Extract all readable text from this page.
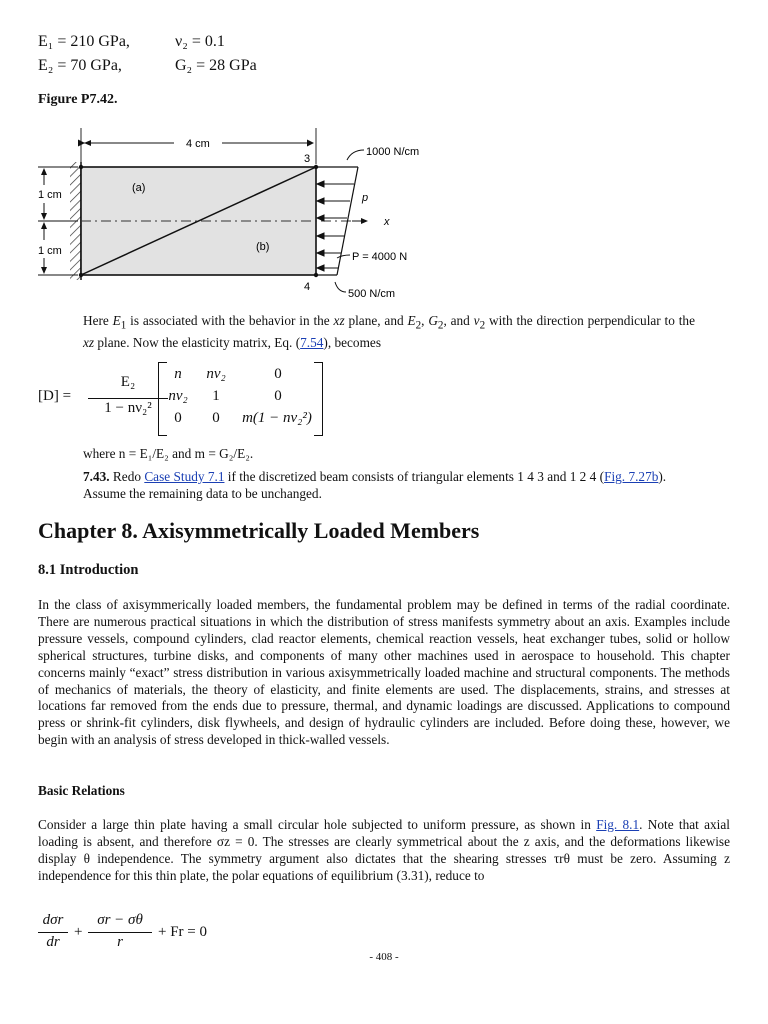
E₁ = 210 GPa,	ν₂ = 0.1
E₂ = 70 GPa,	G₂ = 28 GPa
Figure P7.42.
4 cm
1 cm
1 cm
(a)
(b)
3
4
1000 N/cm
p
x
P = 4000 N
500 N/cm
Here $E_1$ is associated with the behavior in the xz plane, and $E_2$, $G_2$, and $\nu_2$ with the direction perpendicular to the xz plane. Now the elasticity matrix, Eq. (7.54), becomes
[D] =
E₂
1 − nν₂²
n	nν₂	0
nν₂	1	0
0	0	m(1 − nν₂²)
where n = E₁/E₂ and m = G₂/E₂.
7.43. Redo Case Study 7.1 if the discretized beam consists of triangular elements 1 4 3 and 1 2 4 (Fig. 7.27b). Assume the remaining data to be unchanged.
Chapter 8. Axisymmetrically Loaded Members
8.1 Introduction
In the class of axisymmerically loaded members, the fundamental problem may be defined in terms of the radial coordinate. There are numerous practical situations in which the distribution of stress manifests symmetry about an axis. Examples include pressure vessels, compound cylinders, clad reactor elements, chemical reaction vessels, heat exchanger tubes, solid or hollow spherical structures, turbine disks, and components of many other machines used in aerospace to household. This chapter concerns mainly “exact” stress distribution in various axisymmetrically loaded machine and structural components. The methods of mechanics of materials, the theory of elasticity, and finite elements are used. The displacements, strains, and stresses at locations far removed from the ends due to pressure, thermal, and dynamic loadings are discussed. Applications to compound press or shrink-fit cylinders, disk flywheels, and design of hydraulic cylinders are included. Before doing these, however, we begin with an analysis of stress developed in thick-walled vessels.
Basic Relations
Consider a large thin plate having a small circular hole subjected to uniform pressure, as shown in Fig. 8.1. Note that axial loading is absent, and therefore σz = 0. The stresses are clearly symmetrical about the z axis, and the deformations likewise display θ independence. The symmetry argument also dictates that the shearing stresses τrθ must be zero. Assuming z independence for this thin plate, the polar equations of equilibrium (3.31), reduce to
dσr
dr
+
σr − σθ
r
+ Fr = 0
- 408 -
